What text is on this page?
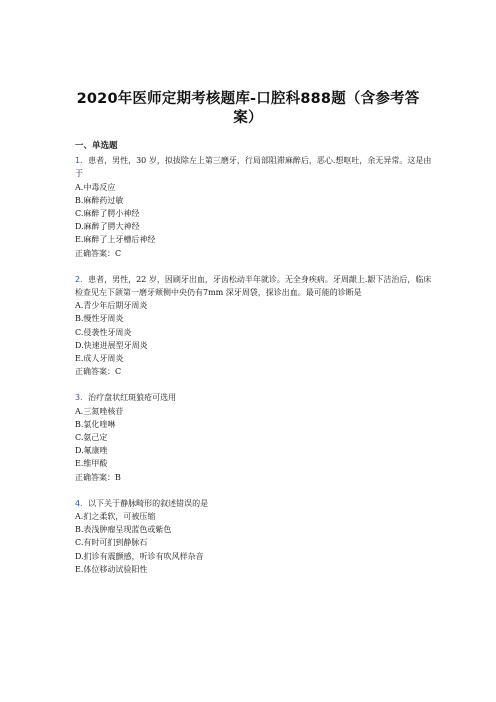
2020年医师定期考核题库-口腔科888题（含参考答
案）
一、单选题

1．患者，男性，30 岁，拟拔除左上第三磨牙，行局部阻滞麻醉后，恶心.想呕吐，余无异常。这是由于

A.中毒反应

B.麻醉药过敏

C.麻醉了腭小神经

D.麻醉了腭大神经

E.麻醉了上牙槽后神经

正确答案：C

2．患者，男性，22 岁，因刷牙出血，牙齿松动半年就诊。无全身疾病。牙周龈上.龈下洁治后，临床检查见左下颌第一磨牙颊侧中央仍有7mm 深牙周袋，探诊出血。最可能的诊断是

A.青少年后期牙周炎

B.慢性牙周炎

C.侵袭性牙周炎

D.快速进展型牙周炎

E.成人牙周炎

正确答案：C

3．治疗盘状红斑狼疮可选用

A.三氮唑核苷

B.氯化喹啉

C.氨己定

D.氟康唑

E.维甲酸

正确答案：B

4．以下关于静脉畸形的叙述错误的是

A.扪之柔软，可被压缩

B.表浅肿瘤呈现蓝色或紫色

C.有时可扪到静脉石

D.扪诊有震颤感，听诊有吹风样杂音

E.体位移动试验阳性
